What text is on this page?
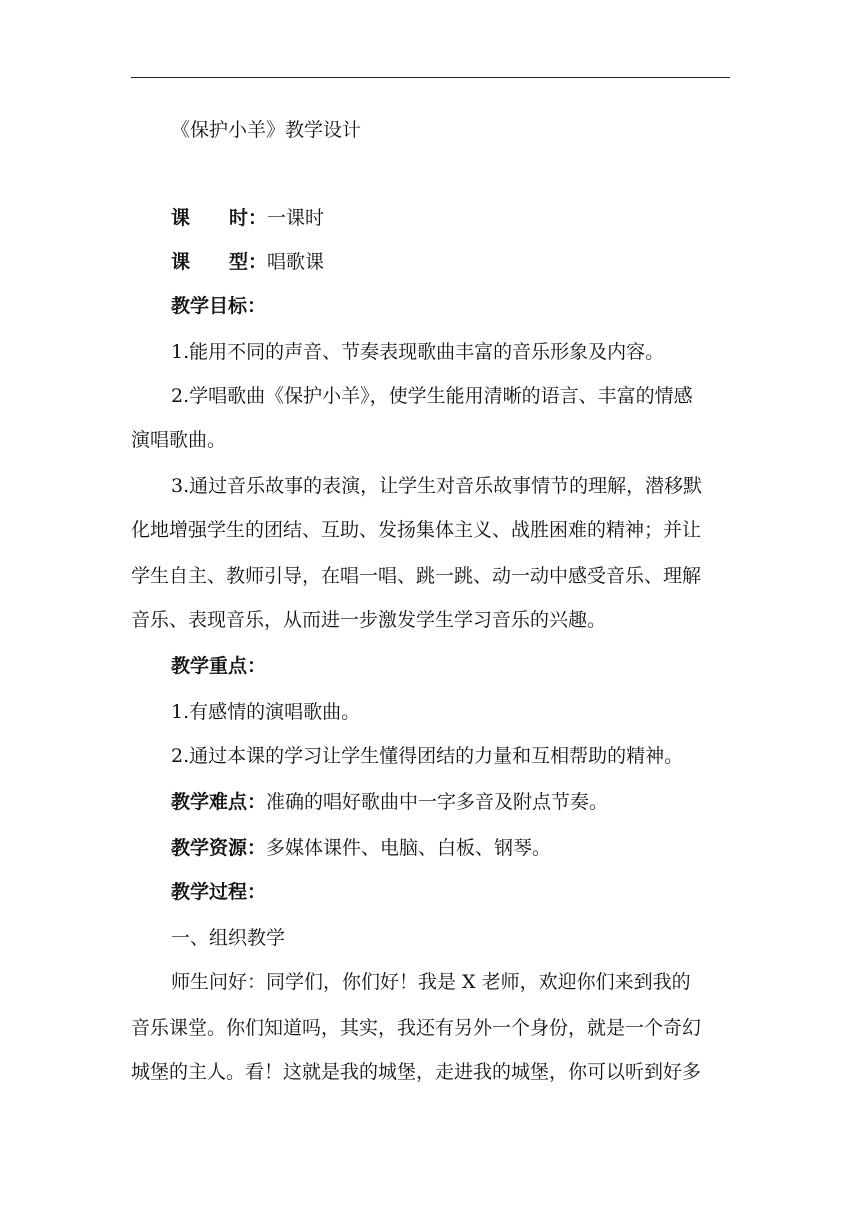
《保护小羊》教学设计
课 时：一课时
课 型：唱歌课
教学目标：
1.能用不同的声音、节奏表现歌曲丰富的音乐形象及内容。
2.学唱歌曲《保护小羊》，使学生能用清晰的语言、丰富的情感
演唱歌曲。
3.通过音乐故事的表演，让学生对音乐故事情节的理解，潜移默
化地增强学生的团结、互助、发扬集体主义、战胜困难的精神；并让
学生自主、教师引导，在唱一唱、跳一跳、动一动中感受音乐、理解
音乐、表现音乐，从而进一步激发学生学习音乐的兴趣。
教学重点：
1.有感情的演唱歌曲。
2.通过本课的学习让学生懂得团结的力量和互相帮助的精神。
教学难点：准确的唱好歌曲中一字多音及附点节奏。
教学资源：多媒体课件、电脑、白板、钢琴。
教学过程：
一、组织教学
师生问好：同学们，你们好！我是 X 老师，欢迎你们来到我的
音乐课堂。你们知道吗，其实，我还有另外一个身份，就是一个奇幻
城堡的主人。看！这就是我的城堡，走进我的城堡，你可以听到好多
